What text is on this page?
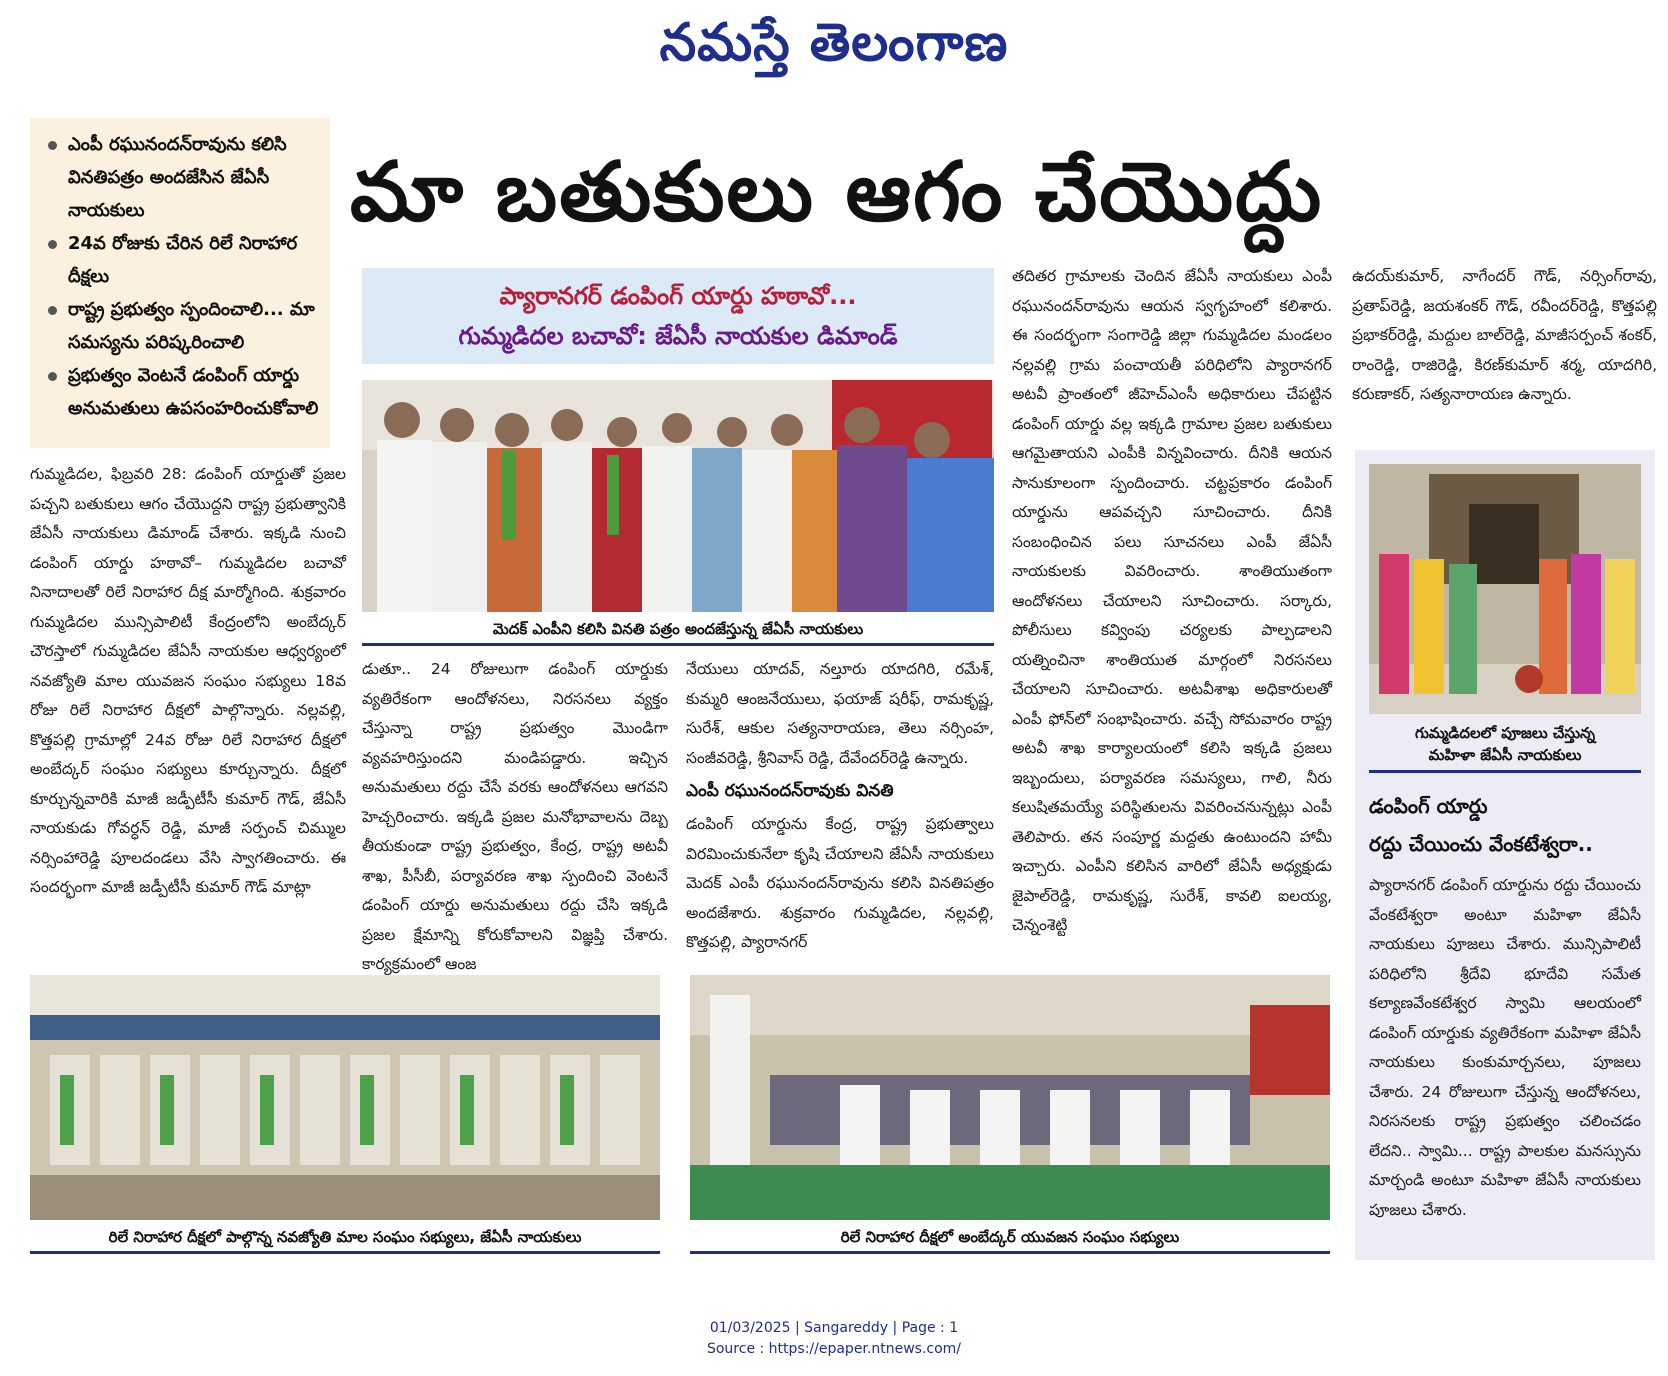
నమస్తే తెలంగాణ
ఎంపీ రఘునందన్‌రావును కలిసి వినతిపత్రం అందజేసిన జేఏసీ నాయకులు
24వ రోజుకు చేరిన రిలే నిరాహార దీక్షలు
రాష్ట్ర ప్రభుత్వం స్పందించాలి... మా సమస్యను పరిష్కరించాలి
ప్రభుత్వం వెంటనే డంపింగ్ యార్డు అనుమతులు ఉపసంహరించుకోవాలి
మా బతుకులు ఆగం చేయొద్దు
ప్యారానగర్ డంపింగ్ యార్డు హఠావో...
గుమ్మడిదల బచావో: జేఏసీ నాయకుల డిమాండ్
మెదక్ ఎంపీని కలిసి వినతి పత్రం అందజేస్తున్న జేఏసీ నాయకులు
గుమ్మడిదల, ఫిబ్రవరి 28: డంపింగ్ యార్డుతో ప్రజల పచ్చని బతుకులు ఆగం చేయొద్దని రాష్ట్ర ప్రభుత్వానికి జేఏసీ నాయకులు డిమాండ్ చేశారు. ఇక్కడి నుంచి డంపింగ్ యార్డు హఠావో– గుమ్మడిదల బచావో నినాదాలతో రిలే నిరాహార దీక్ష మార్మోగింది. శుక్రవారం గుమ్మడిదల మున్సిపాలిటీ కేంద్రంలోని అంబేద్కర్ చౌరస్తాలో గుమ్మడిదల జేఏసీ నాయకుల ఆధ్వర్యంలో నవజ్యోతి మాల యువజన సంఘం సభ్యులు 18వ రోజు రిలే నిరాహార దీక్షలో పాల్గొన్నారు. నల్లవల్లి, కొత్తపల్లి గ్రామాల్లో 24వ రోజు రిలే నిరాహార దీక్షలో అంబేద్కర్ సంఘం సభ్యులు కూర్చున్నారు. దీక్షలో కూర్చున్నవారికి మాజీ జడ్పీటీసీ కుమార్ గౌడ్, జేఏసీ నాయకుడు గోవర్ధన్ రెడ్డి, మాజీ సర్పంచ్ చిమ్ముల నర్సింహారెడ్డి పూలదండలు వేసి స్వాగతించారు. ఈ సందర్భంగా మాజీ జడ్పీటీసీ కుమార్ గౌడ్ మాట్లా
డుతూ.. 24 రోజులుగా డంపింగ్ యార్డుకు వ్యతిరేకంగా ఆందోళనలు, నిరసనలు వ్యక్తం చేస్తున్నా రాష్ట్ర ప్రభుత్వం మొండిగా వ్యవహరిస్తుందని మండిపడ్డారు. ఇచ్చిన అనుమతులు రద్దు చేసే వరకు ఆందోళనలు ఆగవని హెచ్చరించారు. ఇక్కడి ప్రజల మనోభావాలను దెబ్బ తీయకుండా రాష్ట్ర ప్రభుత్వం, కేంద్ర, రాష్ట్ర అటవీ శాఖ, పీసీబీ, పర్యావరణ శాఖ స్పందించి వెంటనే డంపింగ్ యార్డు అనుమతులు రద్దు చేసి ఇక్కడి ప్రజల క్షేమాన్ని కోరుకోవాలని విజ్ఞప్తి చేశారు. కార్యక్రమంలో ఆంజ
నేయులు యాదవ్, నల్తూరు యాదగిరి, రమేశ్, కుమ్మరి ఆంజనేయులు, ఫయాజ్ షరీఫ్, రామకృష్ణ, సురేశ్, ఆకుల సత్యనారాయణ, తెలు నర్సింహ, సంజీవరెడ్డి, శ్రీనివాస్ రెడ్డి, దేవేందర్‌రెడ్డి ఉన్నారు.
ఎంపీ రఘునందన్‌రావుకు వినతి
డంపింగ్ యార్డును కేంద్ర, రాష్ట్ర ప్రభుత్వాలు విరమించుకునేలా కృషి చేయాలని జేఏసీ నాయకులు మెదక్ ఎంపీ రఘునందన్‌రావును కలిసి వినతిపత్రం అందజేశారు. శుక్రవారం గుమ్మడిదల, నల్లవల్లి, కొత్తపల్లి, ప్యారానగర్
తదితర గ్రామాలకు చెందిన జేఏసీ నాయకులు ఎంపీ రఘునందన్‌రావును ఆయన స్వగృహంలో కలిశారు. ఈ సందర్భంగా సంగారెడ్డి జిల్లా గుమ్మడిదల మండలం నల్లవల్లి గ్రామ పంచాయతీ పరిధిలోని ప్యారానగర్ అటవీ ప్రాంతంలో జీహెచ్‌ఎంసీ అధికారులు చేపట్టిన డంపింగ్ యార్డు వల్ల ఇక్కడి గ్రామాల ప్రజల బతుకులు ఆగమైతాయని ఎంపీకి విన్నవించారు. దీనికి ఆయన సానుకూలంగా స్పందించారు. చట్టప్రకారం డంపింగ్ యార్డును ఆపవచ్చని సూచించారు. దీనికి సంబంధించిన పలు సూచనలు ఎంపీ జేఏసీ నాయకులకు వివరించారు. శాంతియుతంగా ఆందోళనలు చేయాలని సూచించారు. సర్కారు, పోలీసులు కవ్వింపు చర్యలకు పాల్పడాలని యత్నించినా శాంతియుత మార్గంలో నిరసనలు చేయాలని సూచించారు. అటవీశాఖ అధికారులతో ఎంపీ ఫోన్‌లో సంభాషించారు. వచ్చే సోమవారం రాష్ట్ర అటవీ శాఖ కార్యాలయంలో కలిసి ఇక్కడి ప్రజలు ఇబ్బందులు, పర్యావరణ సమస్యలు, గాలి, నీరు కలుషితమయ్యే పరిస్థితులను వివరించనున్నట్లు ఎంపీ తెలిపారు. తన సంపూర్ణ మద్దతు ఉంటుందని హామీ ఇచ్చారు. ఎంపీని కలిసిన వారిలో జేఏసీ అధ్యక్షుడు జైపాల్‌రెడ్డి, రామకృష్ణ, సురేశ్, కావలి ఐలయ్య, చెన్నంశెట్టి
ఉదయ్‌కుమార్, నాగేందర్ గౌడ్, నర్సింగ్‌రావు, ప్రతాప్‌రెడ్డి, జయశంకర్ గౌడ్, రవీందర్‌రెడ్డి, కొత్తపల్లి ప్రభాకర్‌రెడ్డి, మద్దుల బాల్‌రెడ్డి, మాజీసర్పంచ్ శంకర్, రాంరెడ్డి, రాజిరెడ్డి, కిరణ్‌కుమార్ శర్మ, యాదగిరి, కరుణాకర్, సత్యనారాయణ ఉన్నారు.
గుమ్మడిదలలో పూజలు చేస్తున్న
మహిళా జేఏసీ నాయకులు
డంపింగ్ యార్డు
రద్దు చేయించు వేంకటేశ్వరా..
ప్యారానగర్ డంపింగ్ యార్డును రద్దు చేయించు వేంకటేశ్వరా అంటూ మహిళా జేఏసీ నాయకులు పూజలు చేశారు. మున్సిపాలిటీ పరిధిలోని శ్రీదేవి భూదేవి సమేత కల్యాణవేంకటేశ్వర స్వామి ఆలయంలో డంపింగ్ యార్డుకు వ్యతిరేకంగా మహిళా జేఏసీ నాయకులు కుంకుమార్చనలు, పూజలు చేశారు. 24 రోజులుగా చేస్తున్న ఆందోళనలు, నిరసనలకు రాష్ట్ర ప్రభుత్వం చలించడం లేదని.. స్వామి... రాష్ట్ర పాలకుల మనస్సును మార్చండి అంటూ మహిళా జేఏసీ నాయకులు పూజలు చేశారు.
రిలే నిరాహార దీక్షలో పాల్గొన్న నవజ్యోతి మాల సంఘం సభ్యులు, జేఏసీ నాయకులు	రిలే నిరాహార దీక్షలో అంబేద్కర్ యువజన సంఘం సభ్యులు
01/03/2025 | Sangareddy | Page : 1
Source : https://epaper.ntnews.com/
